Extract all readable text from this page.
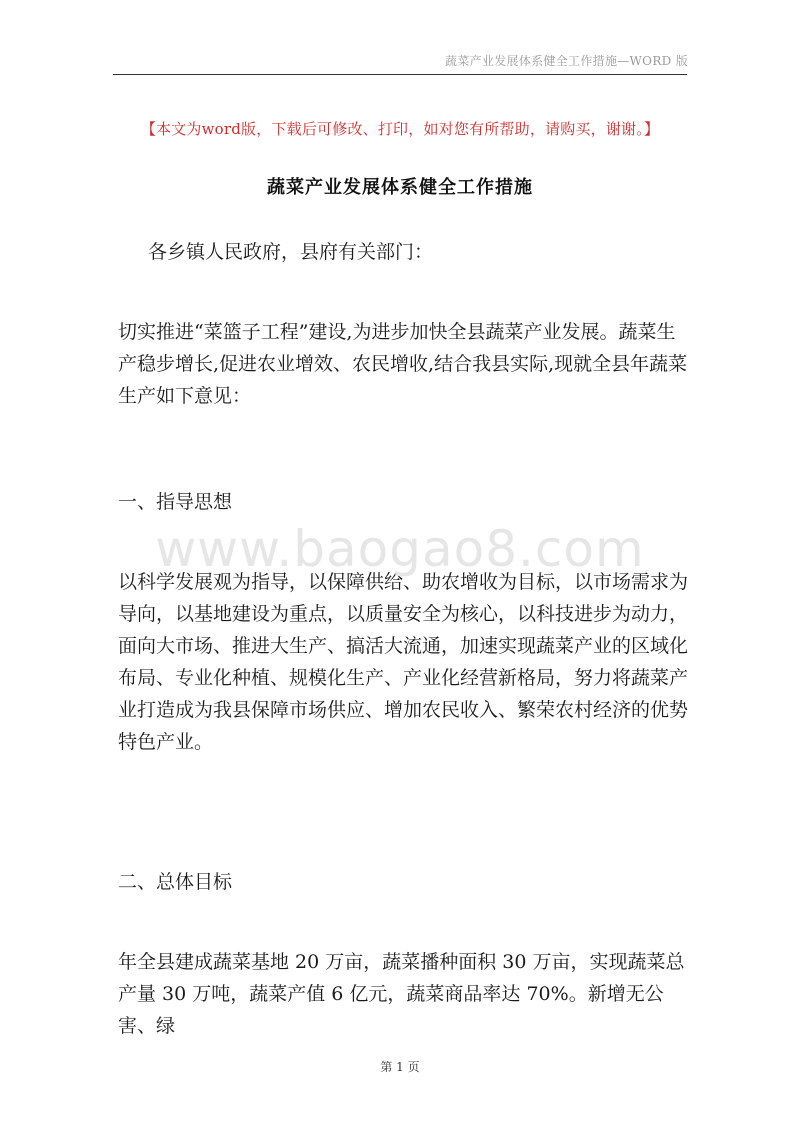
蔬菜产业发展体系健全工作措施—WORD 版
【本文为word版，下载后可修改、打印，如对您有所帮助，请购买，谢谢。】
蔬菜产业发展体系健全工作措施

各乡镇人民政府，县府有关部门：

切实推进“菜篮子工程”建设,为进步加快全县蔬菜产业发展。蔬菜生产稳步增长,促进农业增效、农民增收,结合我县实际,现就全县年蔬菜生产如下意见：

一、指导思想

以科学发展观为指导，以保障供给、助农增收为目标，以市场需求为导向，以基地建设为重点，以质量安全为核心，以科技进步为动力，面向大市场、推进大生产、搞活大流通，加速实现蔬菜产业的区域化布局、专业化种植、规模化生产、产业化经营新格局，努力将蔬菜产业打造成为我县保障市场供应、增加农民收入、繁荣农村经济的优势特色产业。

二、总体目标

年全县建成蔬菜基地 20 万亩，蔬菜播种面积 30 万亩，实现蔬菜总产量 30 万吨，蔬菜产值 6 亿元，蔬菜商品率达 70%。新增无公害、绿

www.baogao8.com
第 1 页
